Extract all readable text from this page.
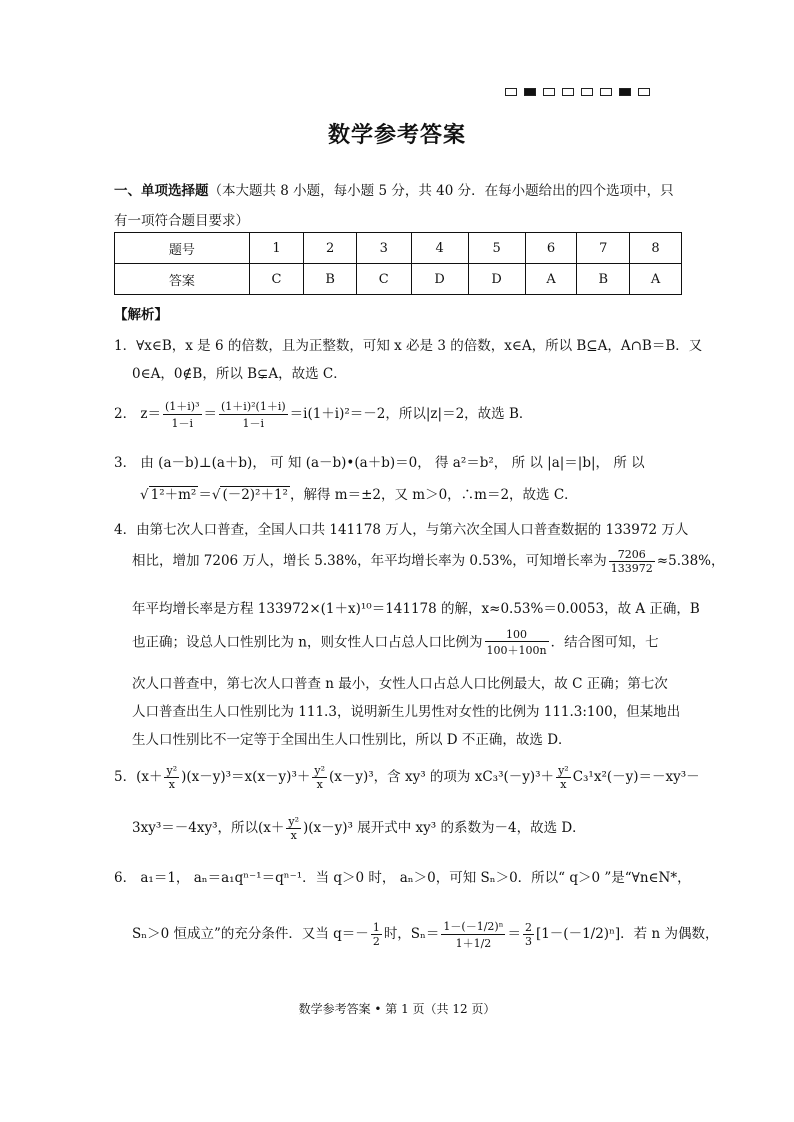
数学参考答案
一、单项选择题（本大题共 8 小题，每小题 5 分，共 40 分．在每小题给出的四个选项中，只
有一项符合题目要求）
题号	1	2	3	4	5	6	7	8
答案	C	B	C	D	D	A	B	A
【解析】
1．∀x∈B，x 是 6 的倍数，且为正整数，可知 x 必是 3 的倍数，x∈A，所以 B⊆A，A∩B＝B．又
0∈A，0∉B，所以 B⊊A，故选 C．
2． $z= \frac{\text{(1＋i)³}}{1-i} = \frac{\text{(1＋i)²(1＋i)}}{1-i} =i(1+i)^2=-2$，所以|z|＝2，故选 B．
3． 由 (a－b)⊥(a＋b)， 可 知 (a－b)•(a＋b)＝0， 得 a²＝b²， 所 以 |a|＝|b|， 所 以
√ 1²＋m² ＝√ (－2)²＋1² ，解得 m＝±2，又 m＞0，∴m＝2，故选 C．
4．由第七次人口普查，全国人口共 141178 万人，与第六次全国人口普查数据的 133972 万人
相比，增加 7206 万人，增长 5.38%，年平均增长率为 0.53%，可知增长率为 $\frac{7206}{133972} \approx 5.38\%$，
年平均增长率是方程 133972×(1＋x)¹⁰＝141178 的解，x≈0.53%＝0.0053，故 A 正确，B
也正确；设总人口性别比为 n，则女性人口占总人口比例为 $\frac{100}{100+100n}$ ．结合图可知，七
次人口普查中，第七次人口普查 n 最小，女性人口占总人口比例最大，故 C 正确；第七次
人口普查出生人口性别比为 111.3，说明新生儿男性对女性的比例为 111.3:100，但某地出
生人口性别比不一定等于全国出生人口性别比，所以 D 不正确，故选 D．
5．$(x+ \frac{\text{y²}}{x} )(x-y)^3=x(x-y)^3+ \frac{\text{y²}}{x} (x-y)^3$，含 xy³ 的项为 $xC_3^3(-y)^3+ \frac{\text{y²}}{x} C_3^1x^2(-y)=-xy^3-$
3xy³＝－4xy³，所以$(x+ \frac{\text{y²}}{x} )(x-y)^3$ 展开式中 xy³ 的系数为－4，故选 D．
6． a₁＝1， aₙ＝a₁qⁿ⁻¹＝qⁿ⁻¹．当 q＞0 时， aₙ＞0，可知 Sₙ＞0．所以“ q＞0 ”是“∀n∈N*，
Sₙ＞0 恒成立”的充分条件．又当 $q=- \frac{1}{2}$ 时，$S_n= \frac{\text{1－(－1/2)ⁿ}}{1+1/2} = \frac{2}{3} [1-(-1/2)^n]$．若 n 为偶数，
数学参考答案 • 第 1 页（共 12 页）
